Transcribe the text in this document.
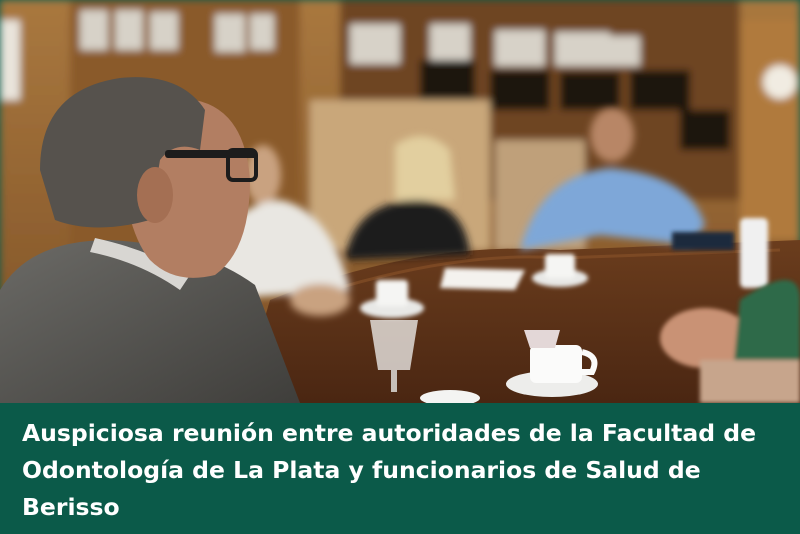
Auspiciosa reunión entre autoridades de la Facultad de Odontología de La Plata y funcionarios de Salud de Berisso
